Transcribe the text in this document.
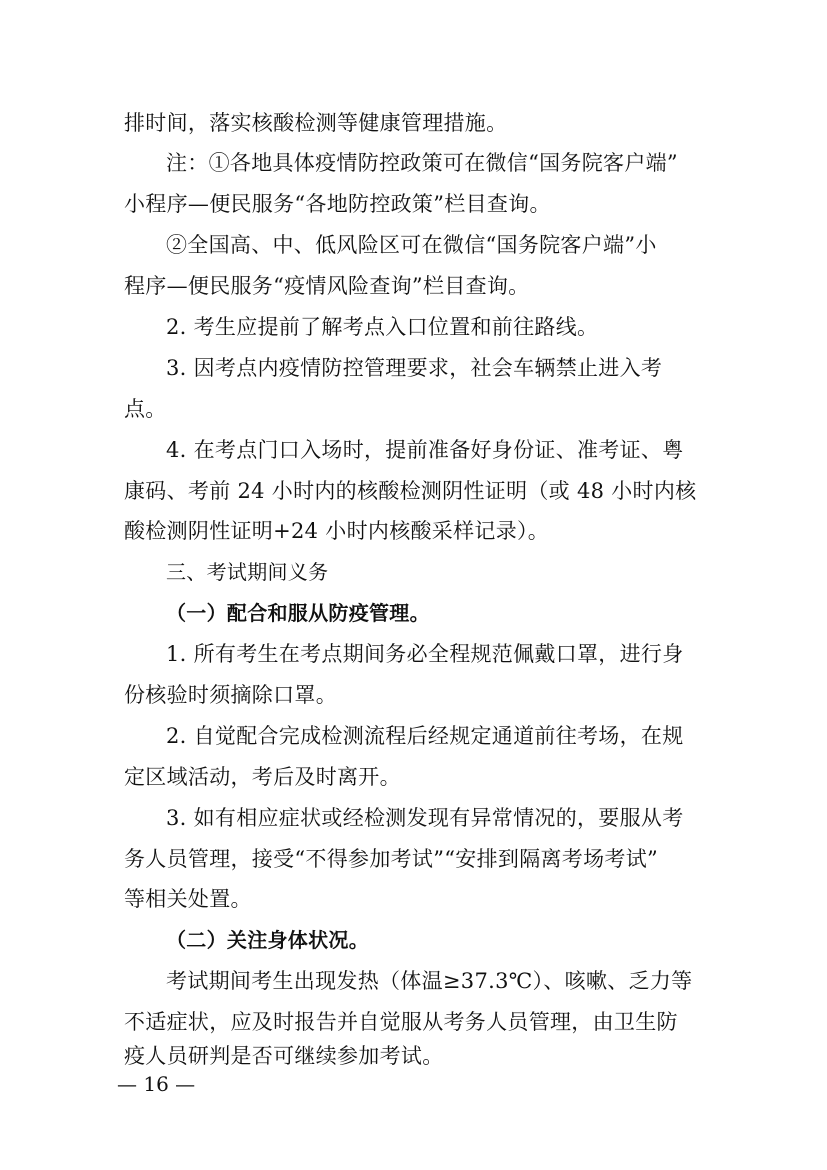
排时间，落实核酸检测等健康管理措施。
注：①各地具体疫情防控政策可在微信“国务院客户端”
小程序—便民服务“各地防控政策”栏目查询。
②全国高、中、低风险区可在微信“国务院客户端”小
程序—便民服务“疫情风险查询”栏目查询。
2. 考生应提前了解考点入口位置和前往路线。
3. 因考点内疫情防控管理要求，社会车辆禁止进入考
点。
4. 在考点门口入场时，提前准备好身份证、准考证、粤
康码、考前 24 小时内的核酸检测阴性证明（或 48 小时内核
酸检测阴性证明+24 小时内核酸采样记录）。
三、考试期间义务
（一）配合和服从防疫管理。
1. 所有考生在考点期间务必全程规范佩戴口罩，进行身
份核验时须摘除口罩。
2. 自觉配合完成检测流程后经规定通道前往考场，在规
定区域活动，考后及时离开。
3. 如有相应症状或经检测发现有异常情况的，要服从考
务人员管理，接受“不得参加考试”“安排到隔离考场考试”
等相关处置。
（二）关注身体状况。
考试期间考生出现发热（体温≥37.3℃）、咳嗽、乏力等
不适症状，应及时报告并自觉服从考务人员管理，由卫生防
疫人员研判是否可继续参加考试。
— 16 —
